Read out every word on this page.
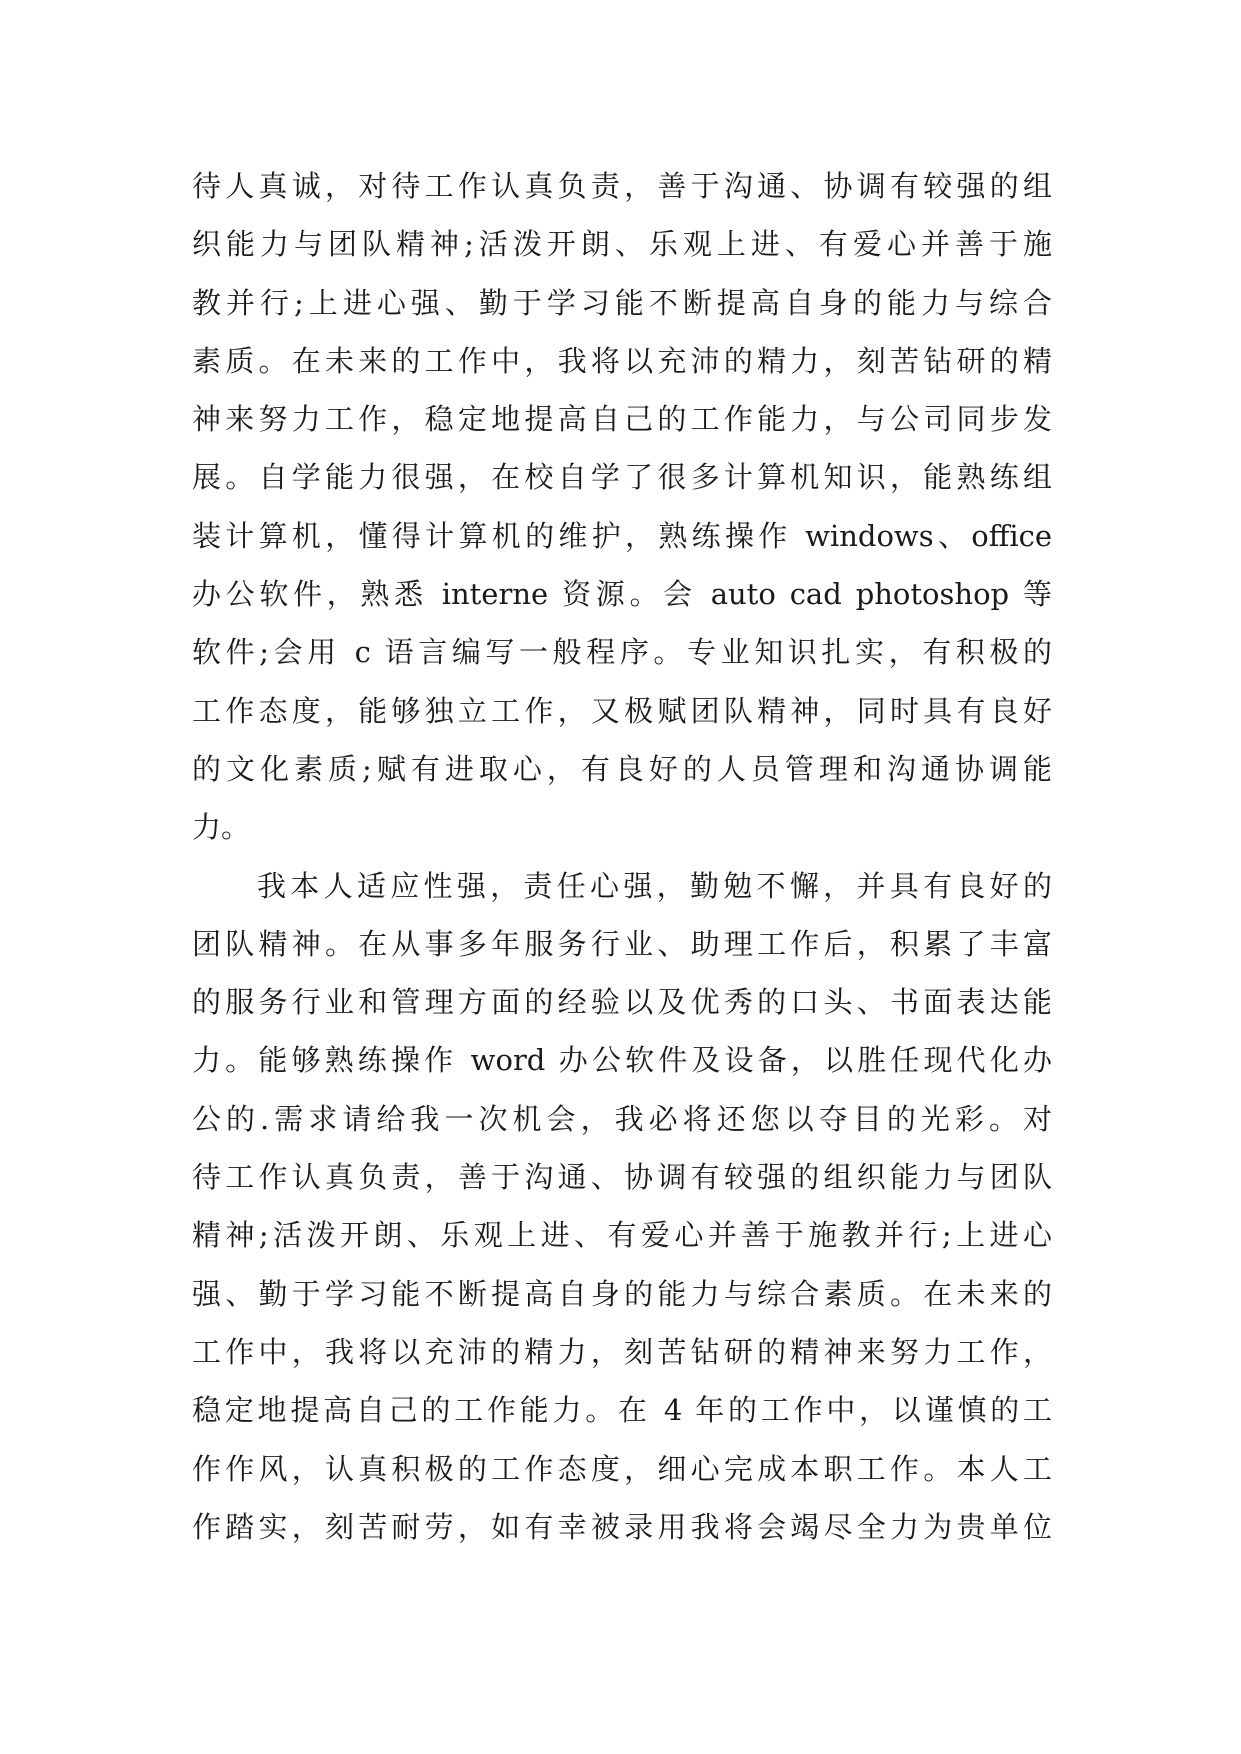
待人真诚，对待工作认真负责，善于沟通、协调有较强的组
织能力与团队精神;活泼开朗、乐观上进、有爱心并善于施
教并行;上进心强、勤于学习能不断提高自身的能力与综合
素质。在未来的工作中，我将以充沛的精力，刻苦钻研的精
神来努力工作，稳定地提高自己的工作能力，与公司同步发
展。自学能力很强，在校自学了很多计算机知识，能熟练组
装计算机，懂得计算机的维护，熟练操作 windows、office
办公软件，熟悉 interne 资源。会 auto cad photoshop 等
软件;会用 c 语言编写一般程序。专业知识扎实，有积极的
工作态度，能够独立工作，又极赋团队精神，同时具有良好
的文化素质;赋有进取心，有良好的人员管理和沟通协调能
力。
我本人适应性强，责任心强，勤勉不懈，并具有良好的
团队精神。在从事多年服务行业、助理工作后，积累了丰富
的服务行业和管理方面的经验以及优秀的口头、书面表达能
力。能够熟练操作 word 办公软件及设备，以胜任现代化办
公的.需求请给我一次机会，我必将还您以夺目的光彩。对
待工作认真负责，善于沟通、协调有较强的组织能力与团队
精神;活泼开朗、乐观上进、有爱心并善于施教并行;上进心
强、勤于学习能不断提高自身的能力与综合素质。在未来的
工作中，我将以充沛的精力，刻苦钻研的精神来努力工作，
稳定地提高自己的工作能力。在 4 年的工作中，以谨慎的工
作作风，认真积极的工作态度，细心完成本职工作。本人工
作踏实，刻苦耐劳，如有幸被录用我将会竭尽全力为贵单位
